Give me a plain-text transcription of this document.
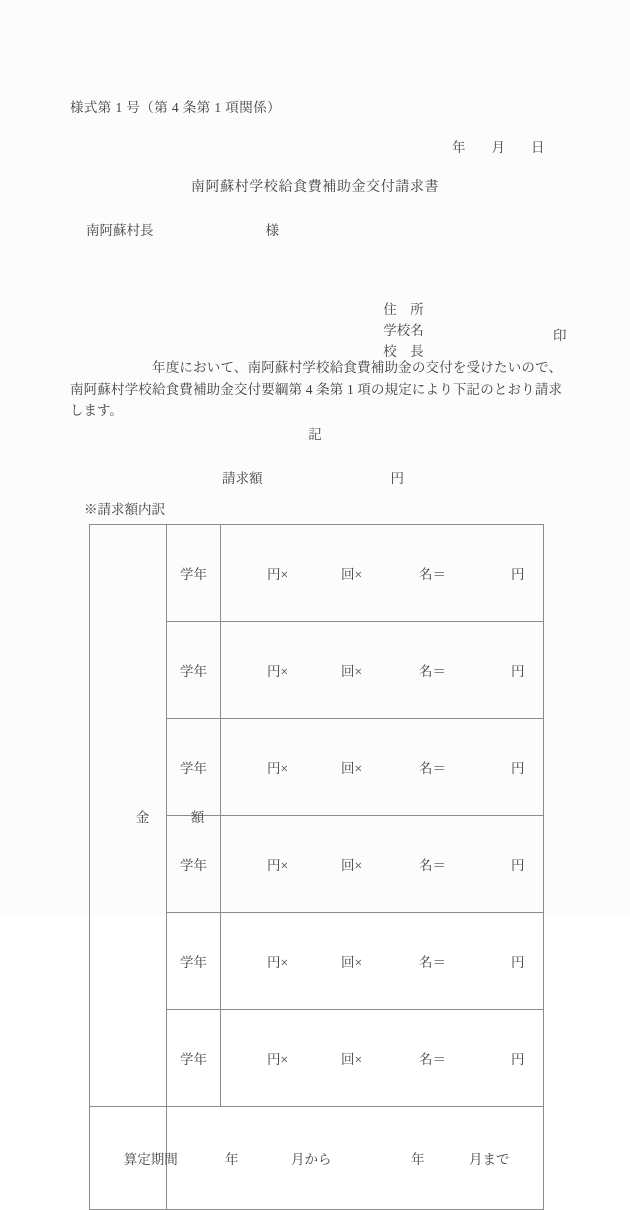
様式第 1 号（第 4 条第 1 項関係）
年 月 日
南阿蘇村学校給食費補助金交付請求書
南阿蘇村長	様

住　所

学校名

校　長

印

年度において、南阿蘇村学校給食費補助金の交付を受けたいので、南阿蘇村学校給食費補助金交付要綱第 4 条第 1 項の規定により下記のとおり請求します。
記
請求額	円
※請求額内訳

金　額	学年	円× 回× 名＝ 円

	学年	円× 回× 名＝ 円

	学年	円× 回× 名＝ 円

	学年	円× 回× 名＝ 円

	学年	円× 回× 名＝ 円

	学年	円× 回× 名＝ 円

算定期間	年 月から 年 月まで	
